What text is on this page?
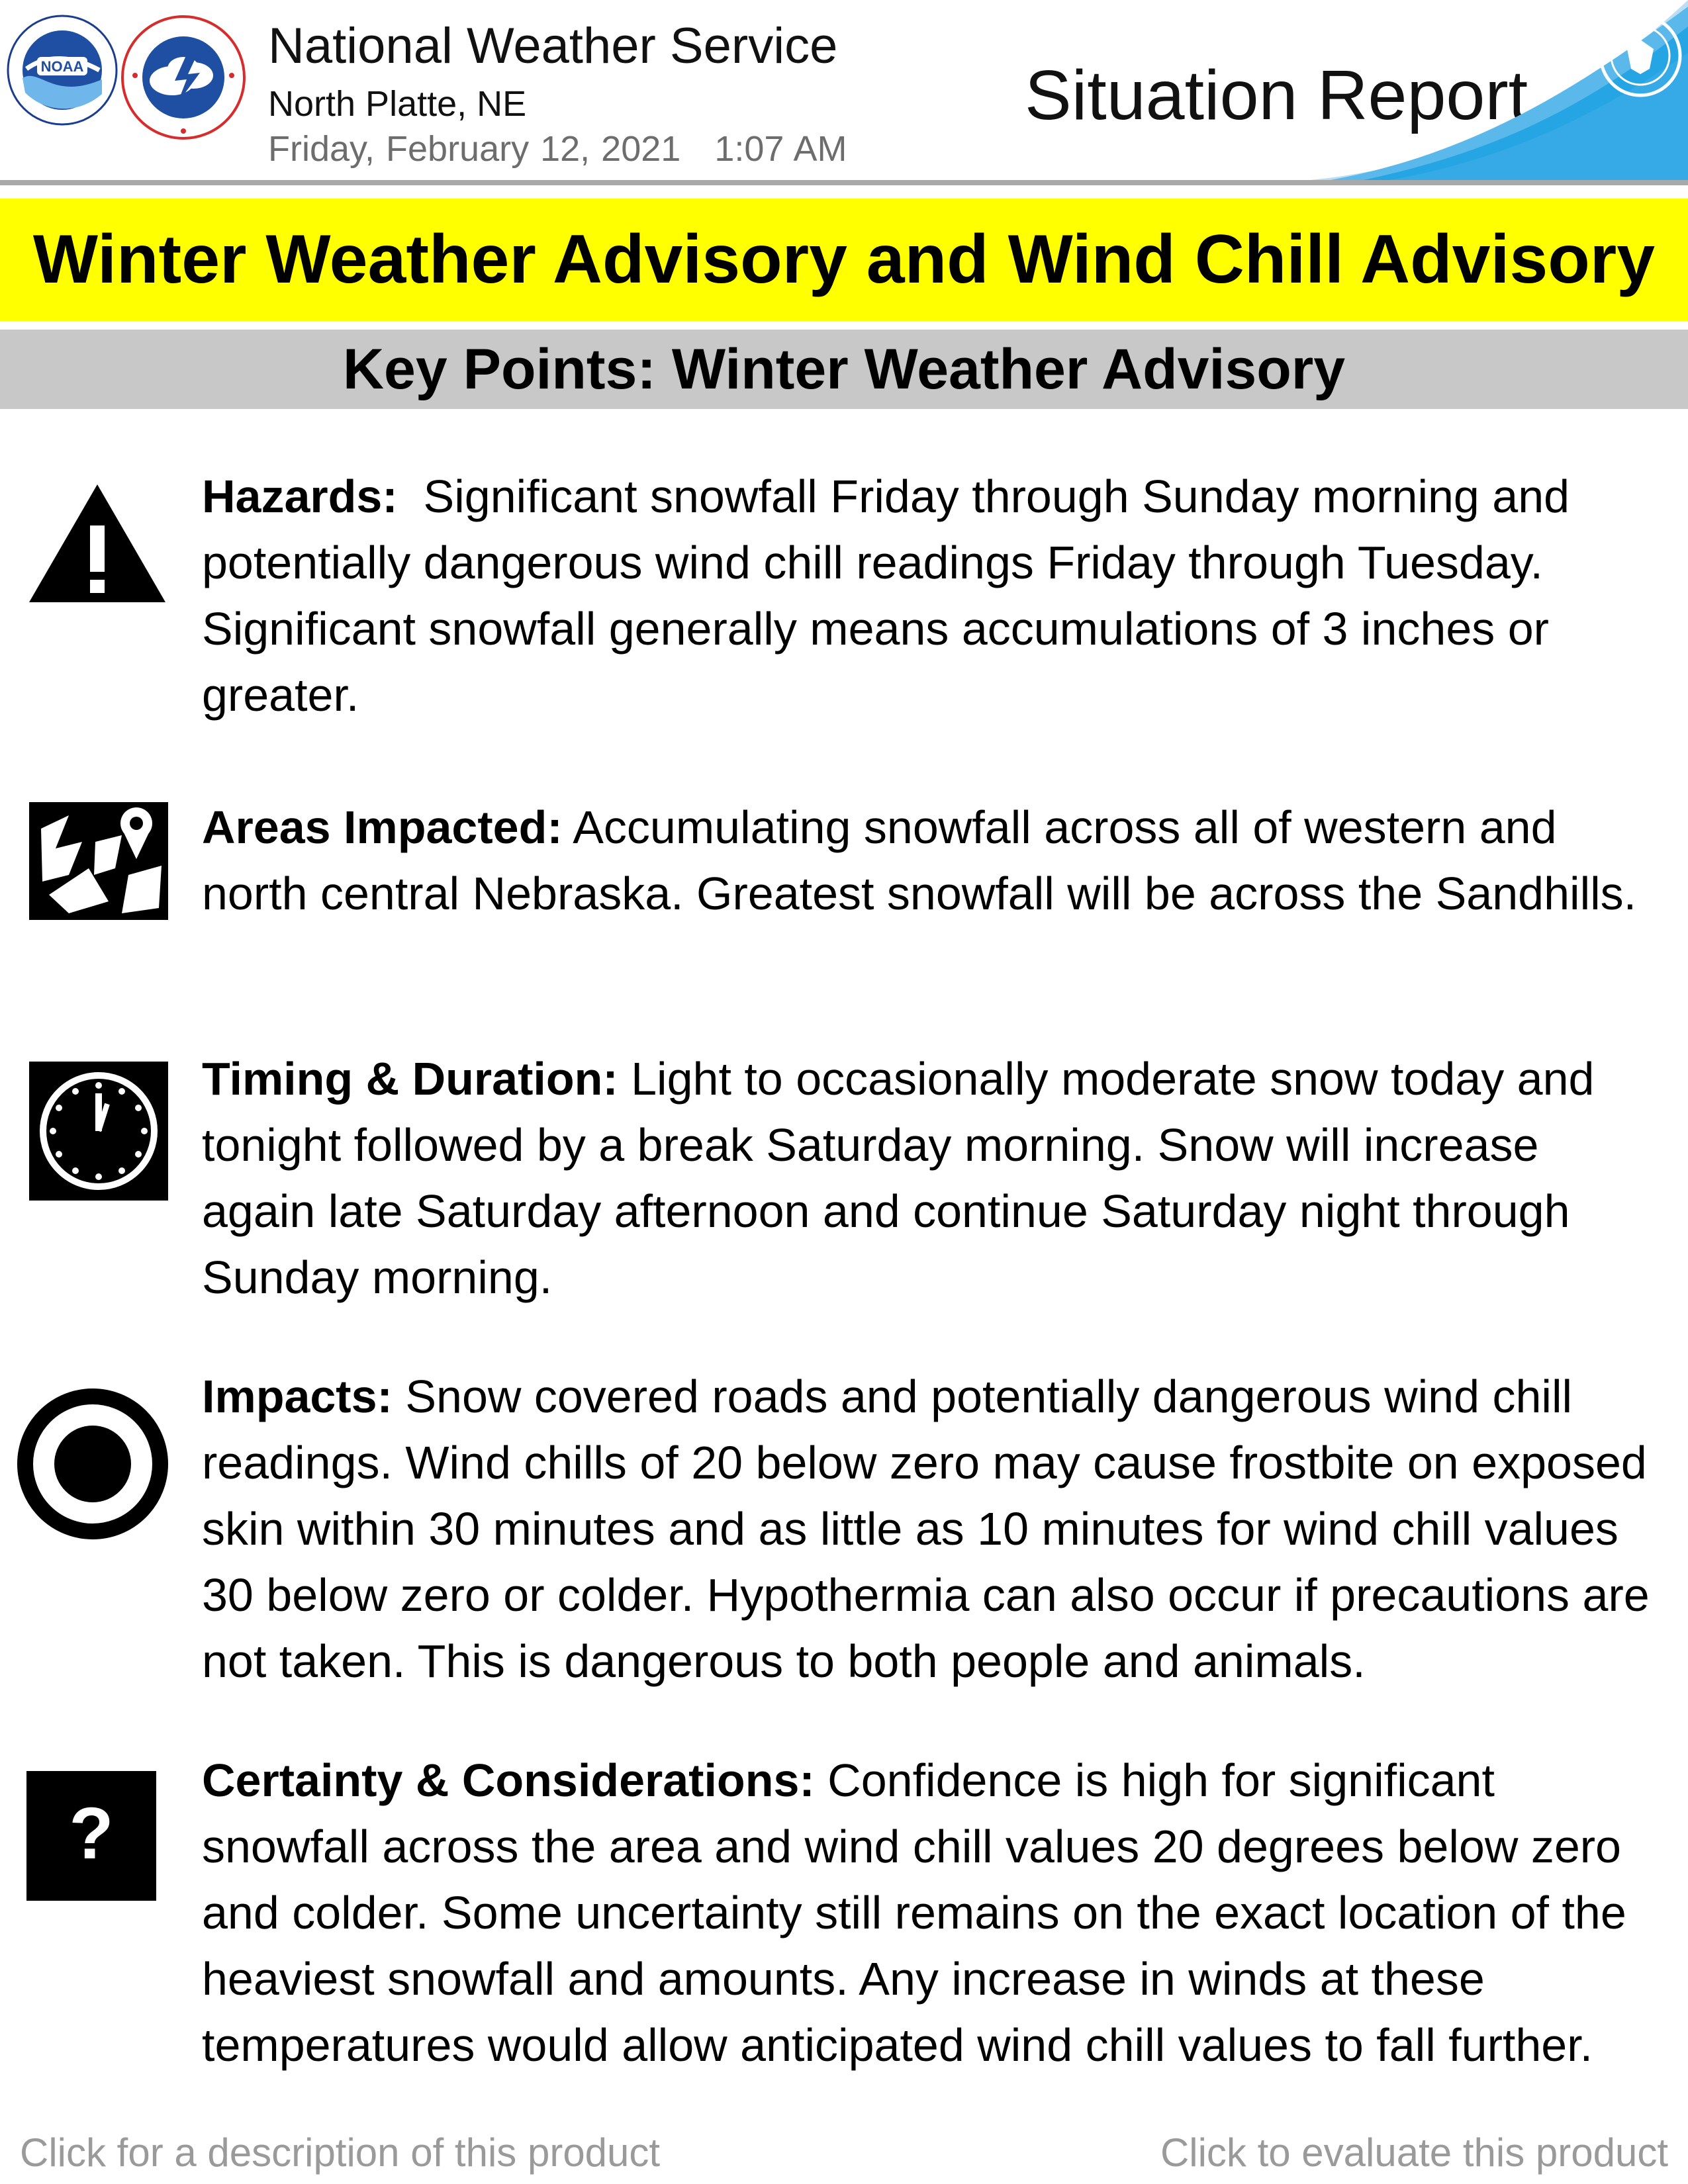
NOAA	National Weather Service
North Platte, NE
Friday, February 12, 2021   1:07 AM
Situation Report
Winter Weather Advisory and Wind Chill Advisory
Key Points: Winter Weather Advisory
Hazards:  Significant snowfall Friday through Sunday morning and potentially dangerous wind chill readings Friday through Tuesday. Significant snowfall generally means accumulations of 3 inches or greater.
Areas Impacted: Accumulating snowfall across all of western and north central Nebraska. Greatest snowfall will be across the Sandhills.
Timing & Duration: Light to occasionally moderate snow today and tonight followed by a break Saturday morning. Snow will increase again late Saturday afternoon and continue Saturday night through Sunday morning.
Impacts: Snow covered roads and potentially dangerous wind chill readings. Wind chills of 20 below zero may cause frostbite on exposed skin within 30 minutes and as little as 10 minutes for wind chill values 30 below zero or colder. Hypothermia can also occur if precautions are not taken. This is dangerous to both people and animals.
?
Certainty & Considerations: Confidence is high for significant snowfall across the area and wind chill values 20 degrees below zero and colder. Some uncertainty still remains on the exact location of the heaviest snowfall and amounts. Any increase in winds at these temperatures would allow anticipated wind chill values to fall further.
Click for a description of this product	Click to evaluate this product
